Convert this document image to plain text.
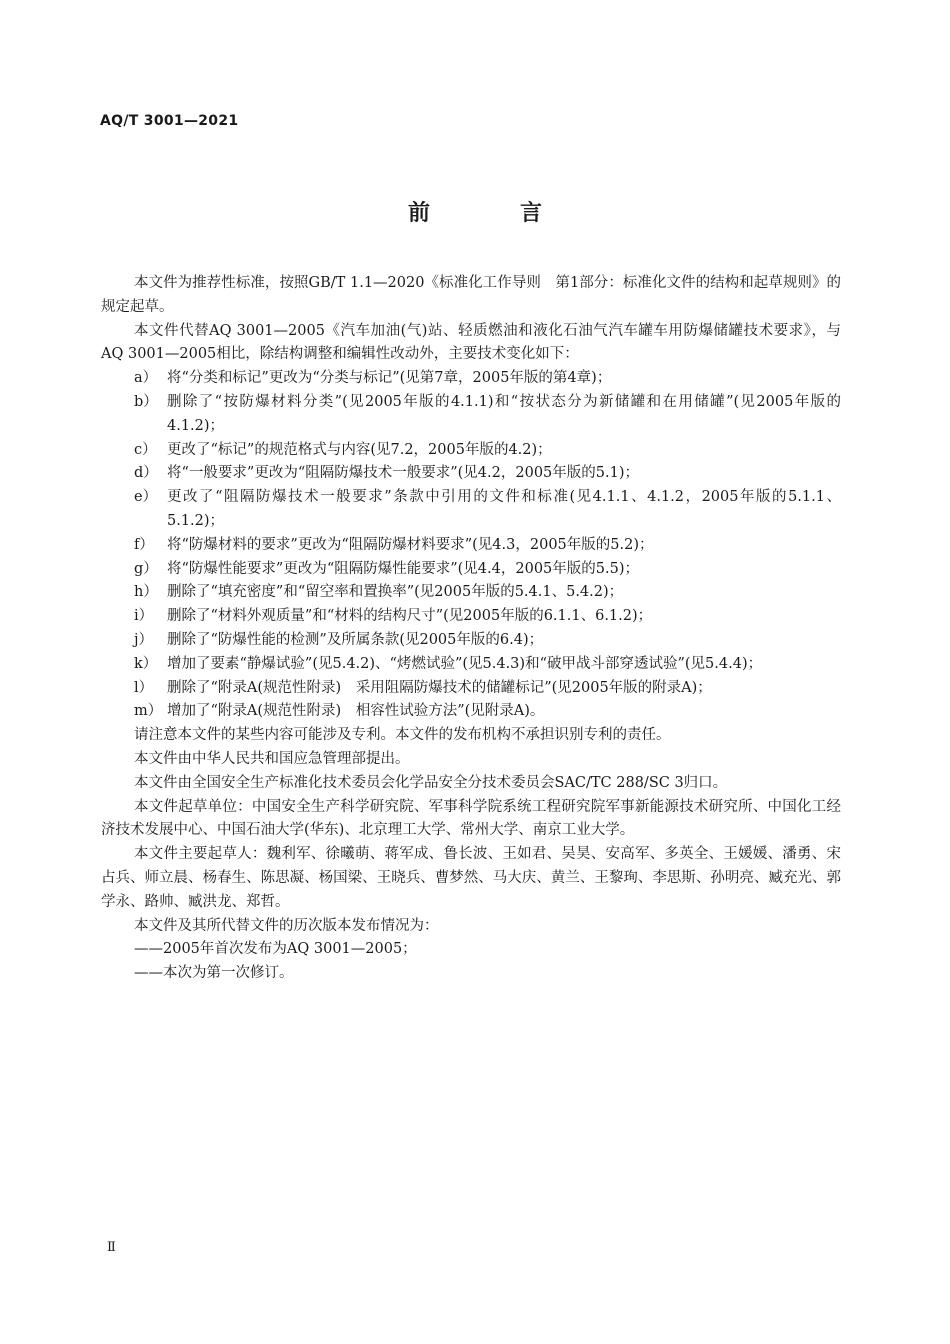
AQ/T 3001—2021
前　言

本文件为推荐性标准，按照GB/T 1.1—2020《标准化工作导则　第1部分：标准化文件的结构和起草规则》的规定起草。

本文件代替AQ 3001—2005《汽车加油(气)站、轻质燃油和液化石油气汽车罐车用防爆储罐技术要求》，与AQ 3001—2005相比，除结构调整和编辑性改动外，主要技术变化如下：

a） 将“分类和标记”更改为“分类与标记”(见第7章，2005年版的第4章)；
b） 删除了“按防爆材料分类”(见2005年版的4.1.1)和“按状态分为新储罐和在用储罐”(见2005年版的4.1.2)；
c） 更改了“标记”的规范格式与内容(见7.2，2005年版的4.2)；
d） 将“一般要求”更改为“阻隔防爆技术一般要求”(见4.2，2005年版的5.1)；
e） 更改了“阻隔防爆技术一般要求”条款中引用的文件和标准(见4.1.1、4.1.2，2005年版的5.1.1、5.1.2)；
f） 将“防爆材料的要求”更改为“阻隔防爆材料要求”(见4.3，2005年版的5.2)；
g） 将“防爆性能要求”更改为“阻隔防爆性能要求”(见4.4，2005年版的5.5)；
h） 删除了“填充密度”和“留空率和置换率”(见2005年版的5.4.1、5.4.2)；
i） 删除了“材料外观质量”和“材料的结构尺寸”(见2005年版的6.1.1、6.1.2)；
j） 删除了“防爆性能的检测”及所属条款(见2005年版的6.4)；
k） 增加了要素“静爆试验”(见5.4.2)、“烤燃试验”(见5.4.3)和“破甲战斗部穿透试验”(见5.4.4)；
l） 删除了“附录A(规范性附录)　采用阻隔防爆技术的储罐标记”(见2005年版的附录A)；
m） 增加了“附录A(规范性附录)　相容性试验方法”(见附录A)。

请注意本文件的某些内容可能涉及专利。本文件的发布机构不承担识别专利的责任。

本文件由中华人民共和国应急管理部提出。

本文件由全国安全生产标准化技术委员会化学品安全分技术委员会SAC/TC 288/SC 3归口。

本文件起草单位：中国安全生产科学研究院、军事科学院系统工程研究院军事新能源技术研究所、中国化工经济技术发展中心、中国石油大学(华东)、北京理工大学、常州大学、南京工业大学。

本文件主要起草人：魏利军、徐曦萌、蒋军成、鲁长波、王如君、吴昊、安高军、多英全、王媛媛、潘勇、宋占兵、师立晨、杨春生、陈思凝、杨国梁、王晓兵、曹梦然、马大庆、黄兰、王黎珣、李思斯、孙明亮、臧充光、郭学永、路帅、臧洪龙、郑哲。

本文件及其所代替文件的历次版本发布情况为：

——2005年首次发布为AQ 3001—2005；

——本次为第一次修订。

Ⅱ
